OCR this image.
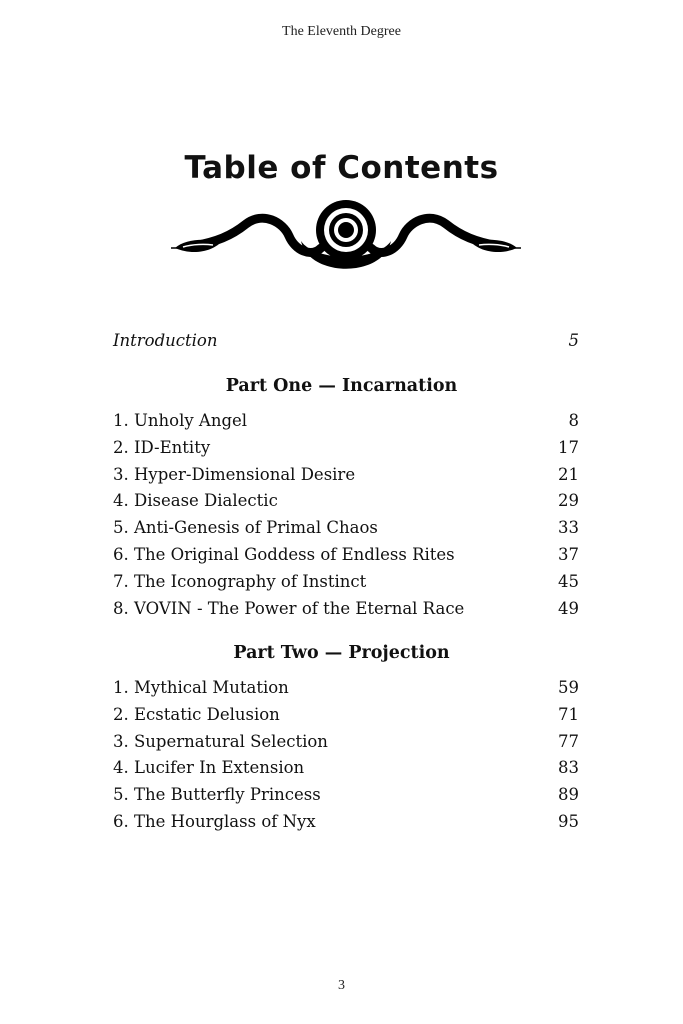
The Eleventh Degree
Table of Contents
Introduction	5
Part One — Incarnation
1. Unholy Angel	8
2. ID-Entity	17
3. Hyper-Dimensional Desire	21
4. Disease Dialectic	29
5. Anti-Genesis of Primal Chaos	33
6. The Original Goddess of Endless Rites	37
7. The Iconography of Instinct	45
8. VOVIN - The Power of the Eternal Race	49
Part Two — Projection
1. Mythical Mutation	59
2. Ecstatic Delusion	71
3. Supernatural Selection	77
4. Lucifer In Extension	83
5. The Butterfly Princess	89
6. The Hourglass of Nyx	95
3
